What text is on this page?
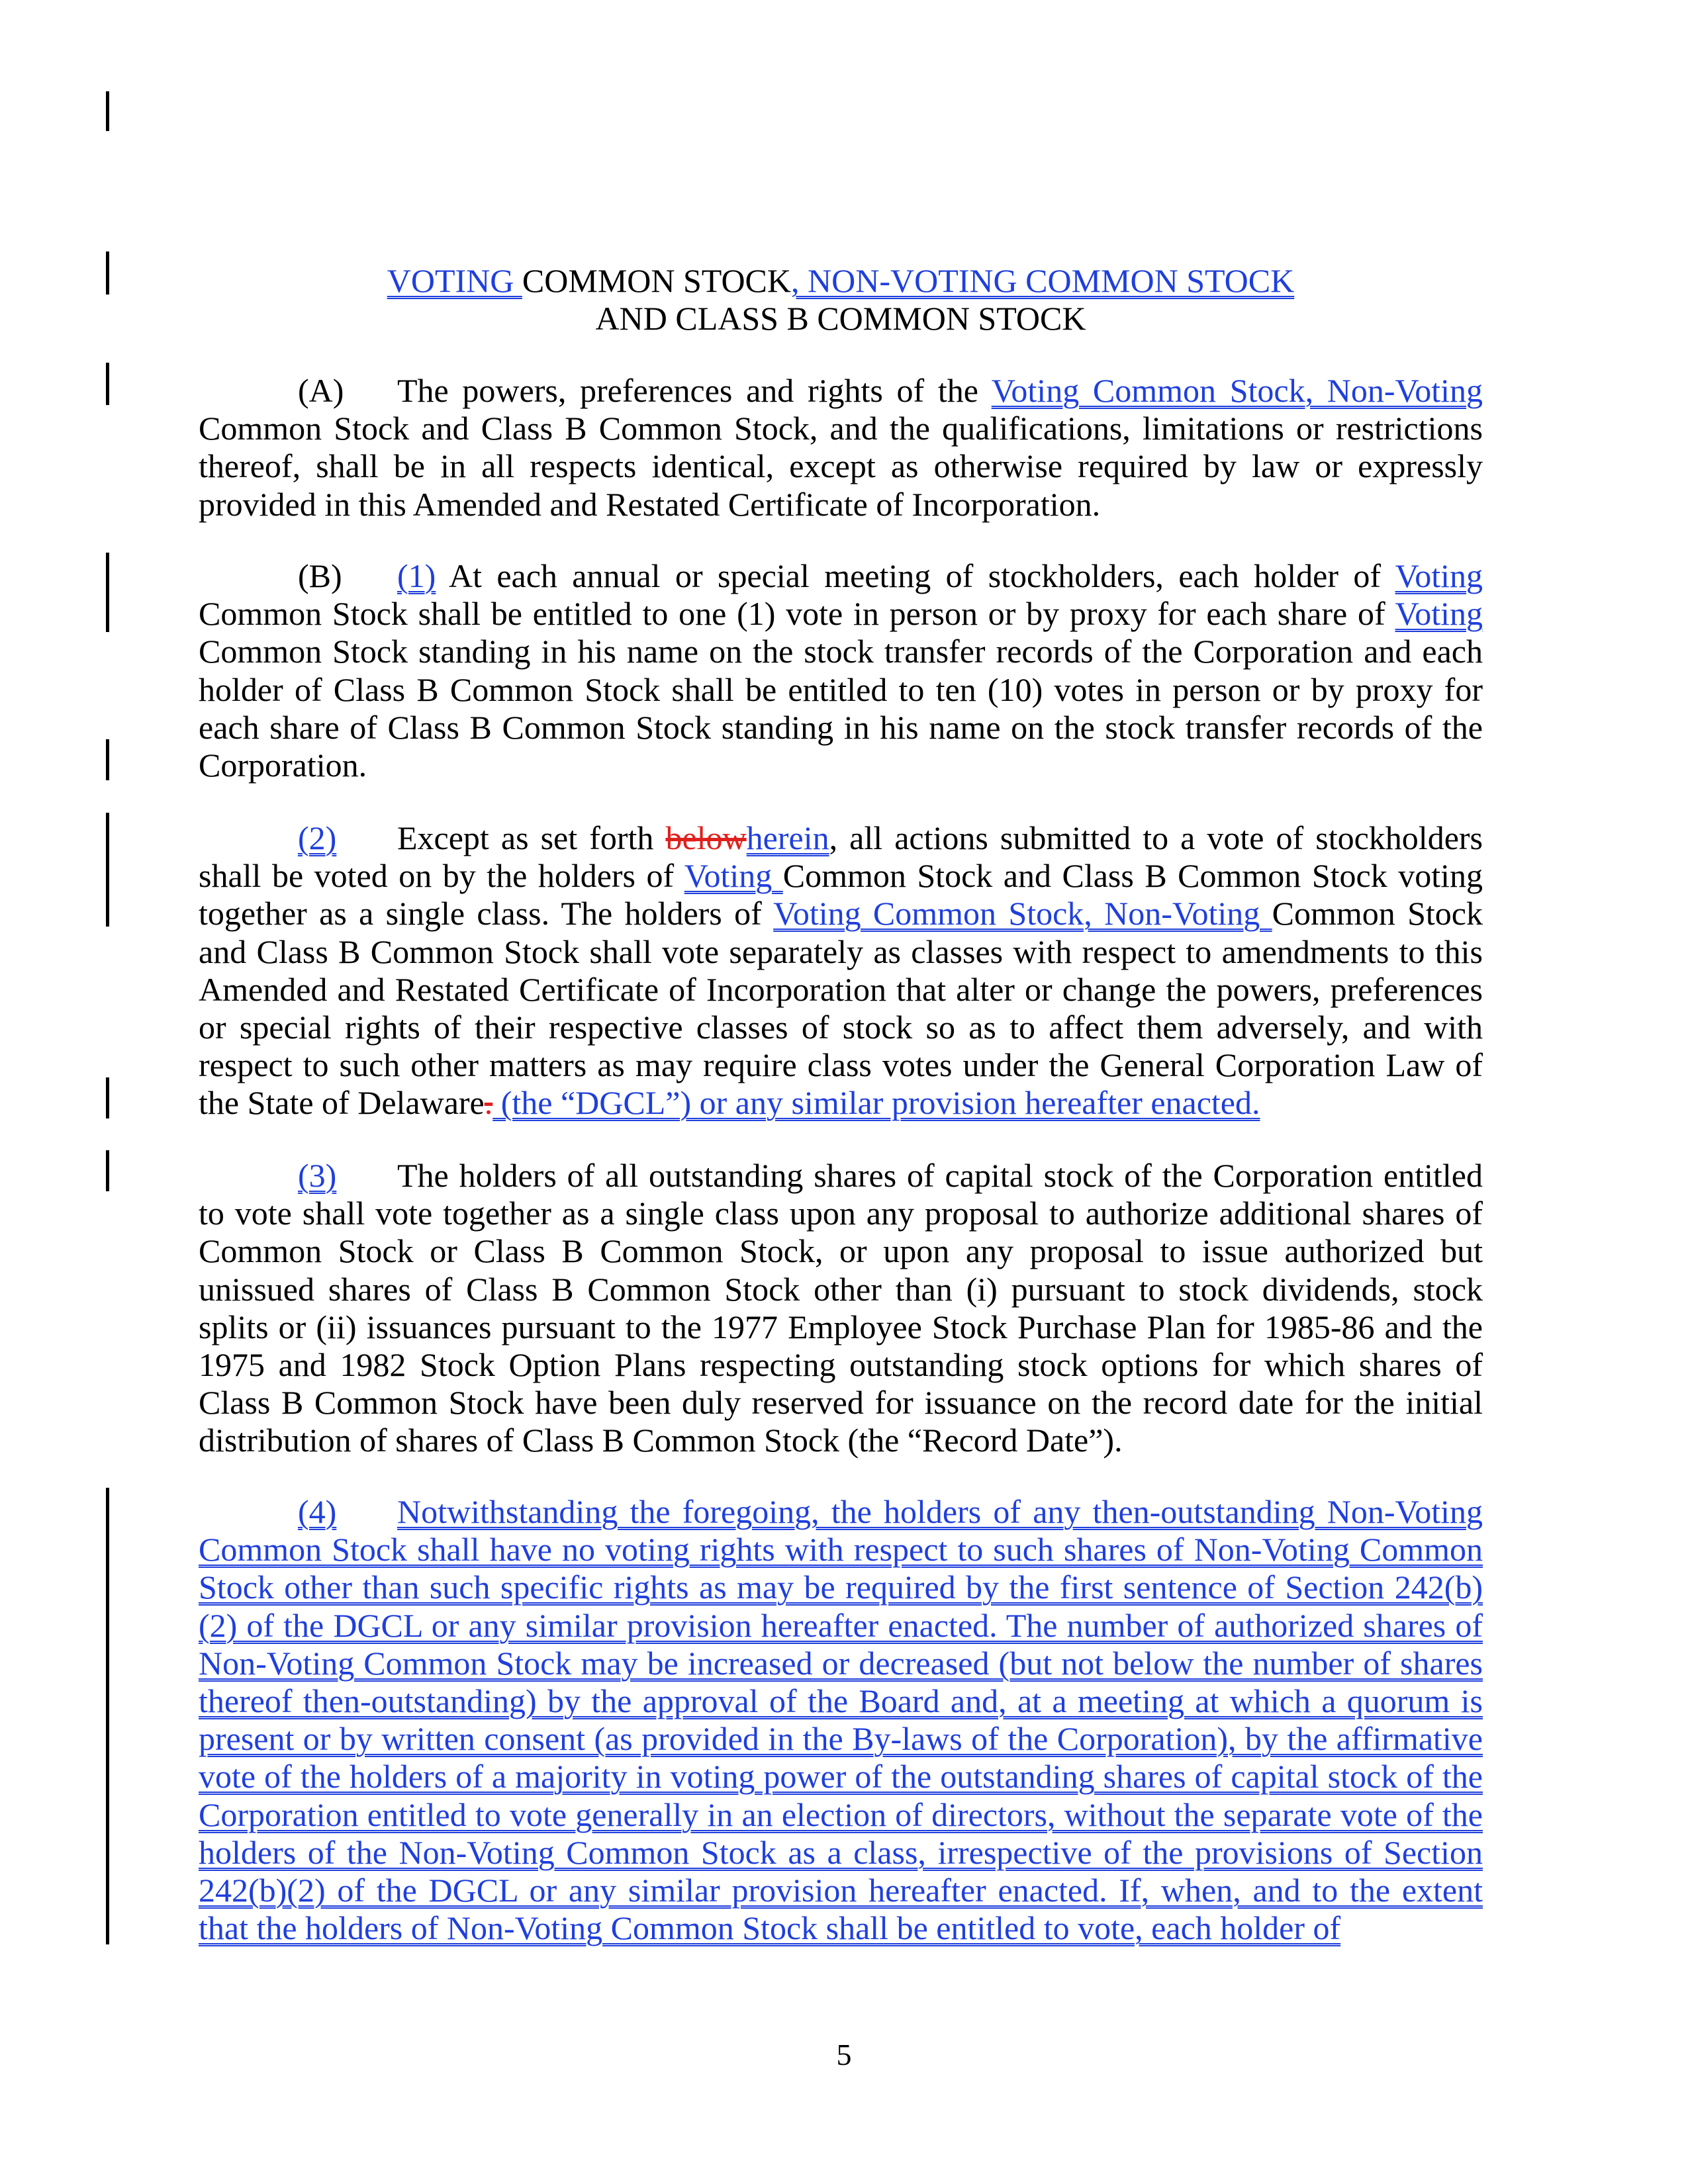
VOTING COMMON STOCK, NON-VOTING COMMON STOCK
AND CLASS B COMMON STOCK
(A) The powers, preferences and rights of the Voting Common Stock, Non-Voting Common Stock and Class B Common Stock, and the qualifications, limitations or restrictions thereof, shall be in all respects identical, except as otherwise required by law or expressly provided in this Amended and Restated Certificate of Incorporation.
(B) (1) At each annual or special meeting of stockholders, each holder of Voting Common Stock shall be entitled to one (1) vote in person or by proxy for each share of Voting Common Stock standing in his name on the stock transfer records of the Corporation and each holder of Class B Common Stock shall be entitled to ten (10) votes in person or by proxy for each share of Class B Common Stock standing in his name on the stock transfer records of the Corporation.
(2) Except as set forth belowherein, all actions submitted to a vote of stockholders shall be voted on by the holders of Voting Common Stock and Class B Common Stock voting together as a single class. The holders of Voting Common Stock, Non-Voting Common Stock and Class B Common Stock shall vote separately as classes with respect to amendments to this Amended and Restated Certificate of Incorporation that alter or change the powers, preferences or special rights of their respective classes of stock so as to affect them adversely, and with respect to such other matters as may require class votes under the General Corporation Law of the State of Delaware. (the “DGCL”) or any similar provision hereafter enacted.
(3) The holders of all outstanding shares of capital stock of the Corporation entitled to vote shall vote together as a single class upon any proposal to authorize additional shares of Common Stock or Class B Common Stock, or upon any proposal to issue authorized but unissued shares of Class B Common Stock other than (i) pursuant to stock dividends, stock splits or (ii) issuances pursuant to the 1977 Employee Stock Purchase Plan for 1985-86 and the 1975 and 1982 Stock Option Plans respecting outstanding stock options for which shares of Class B Common Stock have been duly reserved for issuance on the record date for the initial distribution of shares of Class B Common Stock (the “Record Date”).
(4) Notwithstanding the foregoing, the holders of any then-outstanding Non-Voting Common Stock shall have no voting rights with respect to such shares of Non-Voting Common Stock other than such specific rights as may be required by the first sentence of Section 242(b)(2) of the DGCL or any similar provision hereafter enacted. The number of authorized shares of Non-Voting Common Stock may be increased or decreased (but not below the number of shares thereof then-outstanding) by the approval of the Board and, at a meeting at which a quorum is present or by written consent (as provided in the By-laws of the Corporation), by the affirmative vote of the holders of a majority in voting power of the outstanding shares of capital stock of the Corporation entitled to vote generally in an election of directors, without the separate vote of the holders of the Non-Voting Common Stock as a class, irrespective of the provisions of Section 242(b)(2) of the DGCL or any similar provision hereafter enacted. If, when, and to the extent that the holders of Non-Voting Common Stock shall be entitled to vote, each holder of
5
